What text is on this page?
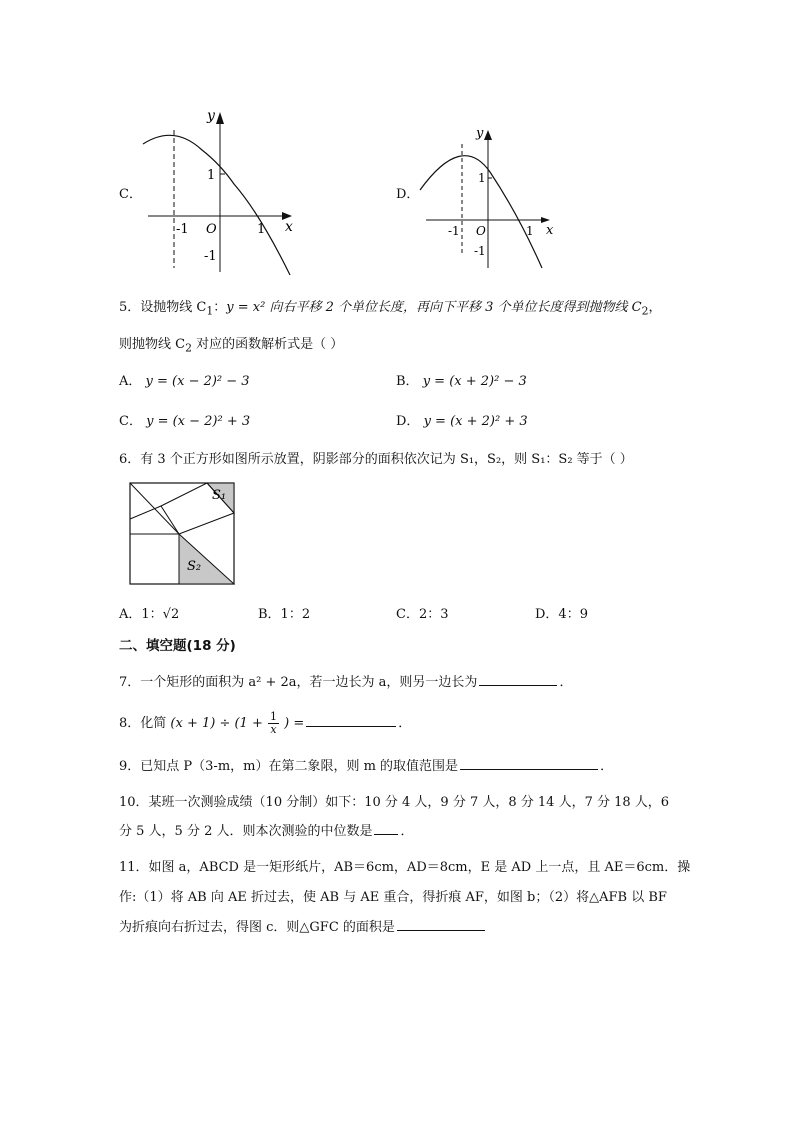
C．
y
x
O
-1	1
1
-1
D．
y
x
O
-1	1
1
-1
5．设抛物线 $C_1$：y = x² 向右平移 2 个单位长度，再向下平移 3 个单位长度得到抛物线 $C_2$，
则抛物线 $C_2$ 对应的函数解析式是（ ）
A． y = (x − 2)² − 3	B． y = (x + 2)² − 3
C． y = (x − 2)² + 3	D． y = (x + 2)² + 3
6．有 3 个正方形如图所示放置，阴影部分的面积依次记为 S₁，S₂，则 S₁：S₂ 等于（ ）
S₁
S₂
A．1：√2	B．1：2	C．2：3	D．4：9
二、填空题(18 分)
7．一个矩形的面积为 a² + 2a，若一边长为 a，则另一边长为	．
8．化简 $(x + 1) \div (1 + \frac{1}{x}$ ) =	．
9．已知点 P（3-m，m）在第二象限，则 m 的取值范围是	．
10．某班一次测验成绩（10 分制）如下：10 分 4 人，9 分 7 人，8 分 14 人，7 分 18 人，6
分 5 人，5 分 2 人．则本次测验的中位数是 ．
11．如图 a，ABCD 是一矩形纸片，AB＝6cm，AD＝8cm，E 是 AD 上一点，且 AE＝6cm．操
作:（1）将 AB 向 AE 折过去，使 AB 与 AE 重合，得折痕 AF，如图 b；（2）将△AFB 以 BF
为折痕向右折过去，得图 c．则△GFC 的面积是
